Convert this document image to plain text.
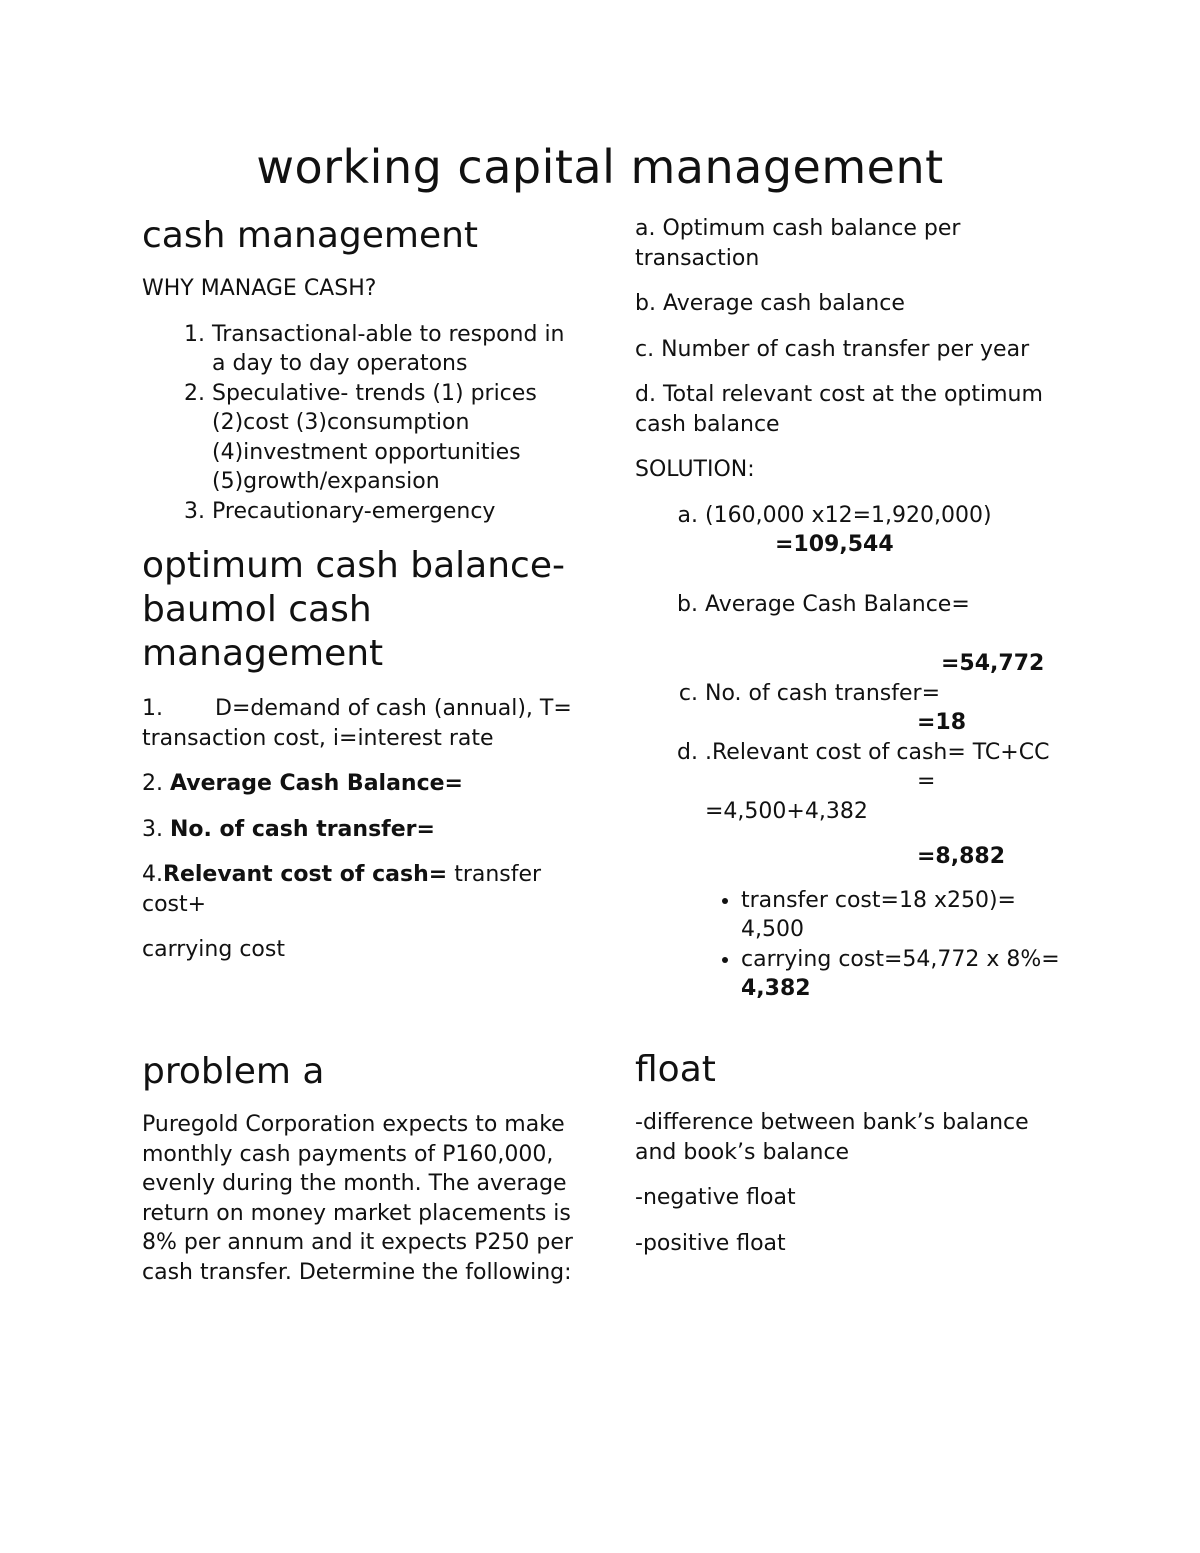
working capital management
cash management

WHY MANAGE CASH?

1. Transactional-able to respond in a day to day operatons
2. Speculative- trends (1) prices (2)cost (3)consumption (4)investment opportunities (5)growth/expansion
3. Precautionary-emergency
optimum cash balance-baumol cash management

1. D=demand of cash (annual), T= transaction cost, i=interest rate

2. Average Cash Balance=

3. No. of cash transfer=

4.Relevant cost of cash= transfer cost+

carrying cost

problem a

Puregold Corporation expects to make monthly cash payments of P160,000, evenly during the month. The average return on money market placements is 8% per annum and it expects P250 per cash transfer. Determine the following:

a. Optimum cash balance per transaction

b. Average cash balance

c. Number of cash transfer per year

d. Total relevant cost at the optimum cash balance

SOLUTION:

a. (160,000 x12=1,920,000)
=109,544
b. Average Cash Balance=

=54,772
c. No. of cash transfer=
=18
d. .Relevant cost of cash= TC+CC
=
=4,500+4,382

=8,882
• transfer cost=18 x250)= 4,500
• carrying cost=54,772 x 8%= 4,382
float

-difference between bank’s balance and book’s balance

-negative float

-positive float
